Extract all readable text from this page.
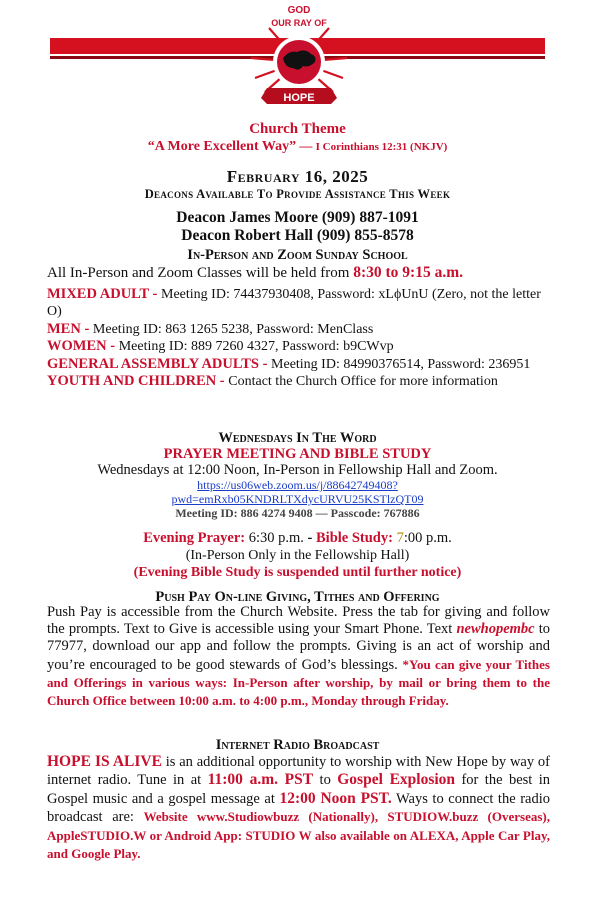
HOPE
GOD
OUR RAY OF
Church Theme
“A More Excellent Way” — I Corinthians 12:31 (NKJV)
February 16, 2025
Deacons Available To Provide Assistance This Week
Deacon James Moore (909) 887-1091
Deacon Robert Hall (909) 855-8578
In-Person and Zoom Sunday School
All In-Person and Zoom Classes will be held from 8:30 to 9:15 a.m.
MIXED ADULT - Meeting ID: 74437930408, Password: xLϕUnU (Zero, not the letter O)
MEN - Meeting ID: 863 1265 5238, Password: MenClass
WOMEN - Meeting ID: 889 7260 4327, Password: b9CWvp
GENERAL ASSEMBLY ADULTS - Meeting ID: 84990376514, Password: 236951
YOUTH AND CHILDREN - Contact the Church Office for more information
Wednesdays In The Word
PRAYER MEETING AND BIBLE STUDY
Wednesdays at 12:00 Noon, In-Person in Fellowship Hall and Zoom.
https://us06web.zoom.us/j/88642749408?
pwd=emRxb05KNDRLTXdycURVU25KSTlzQT09
Meeting ID: 886 4274 9408 — Passcode: 767886
Evening Prayer: 6:30 p.m. - Bible Study: 7:00 p.m.
(In-Person Only in the Fellowship Hall)
(Evening Bible Study is suspended until further notice)
Push Pay On-line Giving, Tithes and Offering
Push Pay is accessible from the Church Website. Press the tab for giving and follow the prompts. Text to Give is accessible using your Smart Phone. Text newhopembc to 77977, download our app and follow the prompts. Giving is an act of worship and you’re encouraged to be good stewards of God’s blessings. *You can give your Tithes and Offerings in various ways: In-Person after worship, by mail or bring them to the Church Office between 10:00 a.m. to 4:00 p.m., Monday through Friday.
Internet Radio Broadcast
HOPE IS ALIVE is an additional opportunity to worship with New Hope by way of internet radio. Tune in at 11:00 a.m. PST to Gospel Explosion for the best in Gospel music and a gospel message at 12:00 Noon PST. Ways to connect the radio broadcast are: Website www.Studiowbuzz (Nationally), STUDIOW.buzz (Overseas), AppleSTUDIO.W or Android App: STUDIO W also available on ALEXA, Apple Car Play, and Google Play.
